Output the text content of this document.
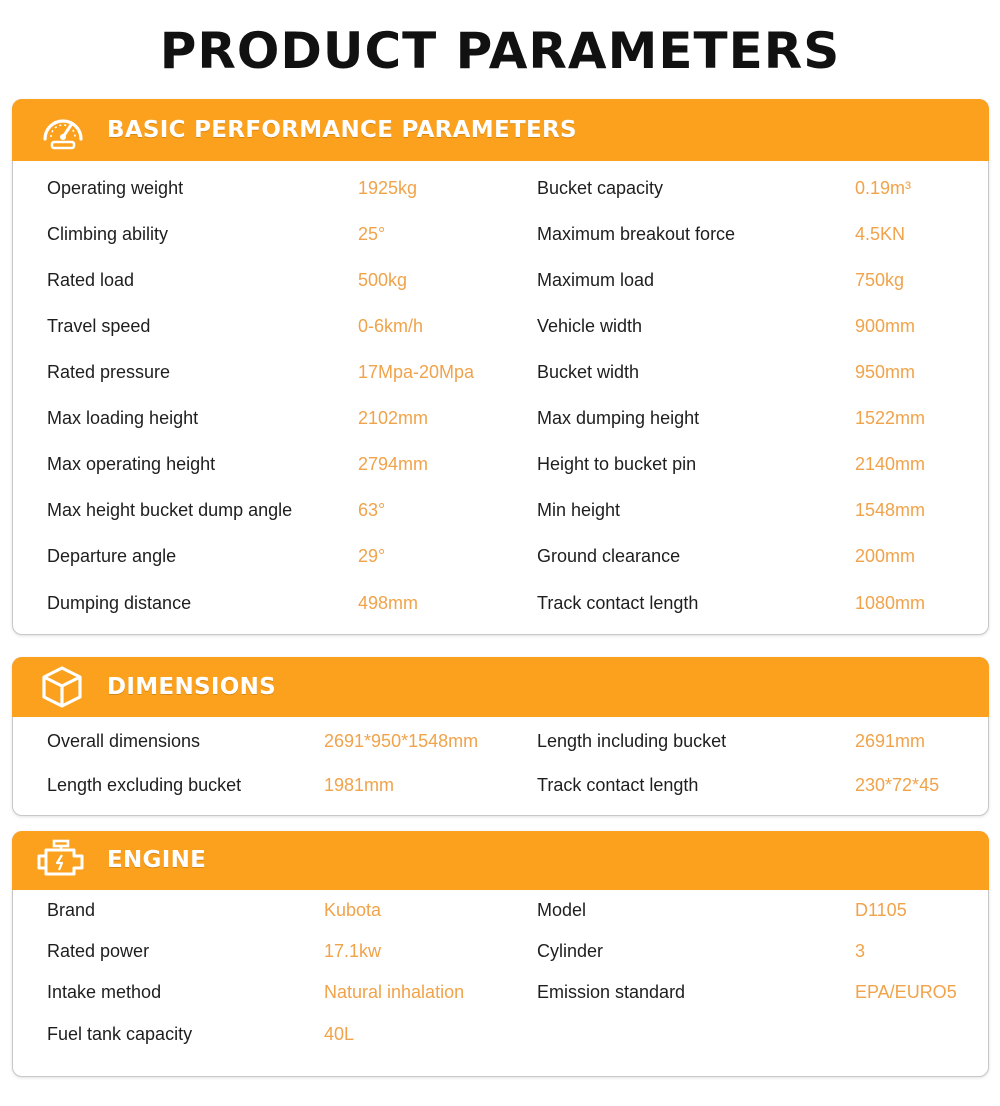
PRODUCT PARAMETERS
BASIC PERFORMANCE PARAMETERS
Operating weight	1925kg	Bucket capacity	0.19m³
Climbing ability	25°	Maximum breakout force	4.5KN
Rated load	500kg	Maximum load	750kg
Travel speed	0-6km/h	Vehicle width	900mm
Rated pressure	17Mpa-20Mpa	Bucket width	950mm
Max loading height	2102mm	Max dumping height	1522mm
Max operating height	2794mm	Height to bucket pin	2140mm
Max height bucket dump angle	63°	Min height	1548mm
Departure angle	29°	Ground clearance	200mm
Dumping distance	498mm	Track contact length	1080mm
DIMENSIONS
Overall dimensions	2691*950*1548mm	Length including bucket	2691mm
Length excluding bucket	1981mm	Track contact length	230*72*45
ENGINE
Brand	Kubota	Model	D1105
Rated power	17.1kw	Cylinder	3
Intake method	Natural inhalation	Emission standard	EPA/EURO5
Fuel tank capacity	40L
